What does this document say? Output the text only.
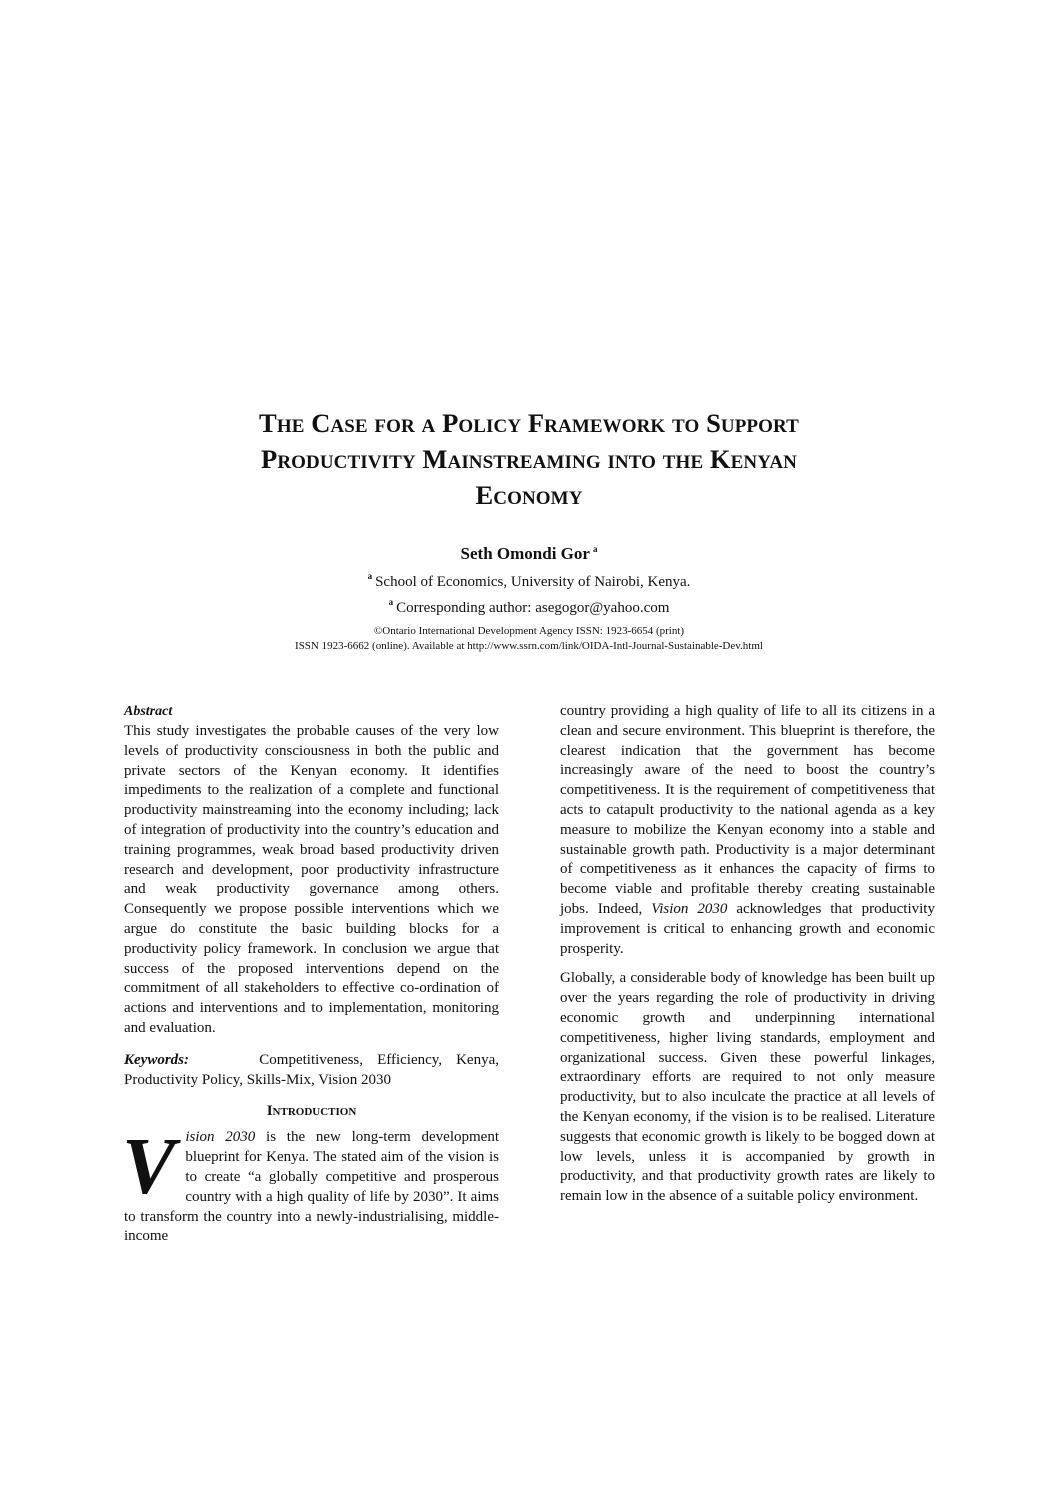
The Case for a Policy Framework to Support
Productivity Mainstreaming into the Kenyan
Economy
Seth Omondi Gor $^a$
$^a$ School of Economics, University of Nairobi, Kenya.
$^a$ Corresponding author: asegogor@yahoo.com
©Ontario International Development Agency ISSN: 1923-6654 (print)
ISSN 1923-6662 (online). Available at http://www.ssrn.com/link/OIDA-Intl-Journal-Sustainable-Dev.html
Abstract

This study investigates the probable causes of the very low levels of productivity consciousness in both the public and private sectors of the Kenyan economy. It identifies impediments to the realization of a complete and functional productivity mainstreaming into the economy including; lack of integration of productivity into the country’s education and training programmes, weak broad based productivity driven research and development, poor productivity infrastructure and weak productivity governance among others. Consequently we propose possible interventions which we argue do constitute the basic building blocks for a productivity policy framework. In conclusion we argue that success of the proposed interventions depend on the commitment of all stakeholders to effective co-ordination of actions and interventions and to implementation, monitoring and evaluation.

Keywords:	Competitiveness, Efficiency, Kenya, Productivity Policy, Skills-Mix, Vision 2030

Introduction
V ision 2030 is the new long-term development blueprint for Kenya. The stated aim of the vision is to create “a globally competitive and prosperous country with a high quality of life by 2030”. It aims to transform the country into a newly-industrialising, middle-income

country providing a high quality of life to all its citizens in a clean and secure environment. This blueprint is therefore, the clearest indication that the government has become increasingly aware of the need to boost the country’s competitiveness. It is the requirement of competitiveness that acts to catapult productivity to the national agenda as a key measure to mobilize the Kenyan economy into a stable and sustainable growth path. Productivity is a major determinant of competitiveness as it enhances the capacity of firms to become viable and profitable thereby creating sustainable jobs. Indeed, Vision 2030 acknowledges that productivity improvement is critical to enhancing growth and economic prosperity.

Globally, a considerable body of knowledge has been built up over the years regarding the role of productivity in driving economic growth and underpinning international competitiveness, higher living standards, employment and organizational success. Given these powerful linkages, extraordinary efforts are required to not only measure productivity, but to also inculcate the practice at all levels of the Kenyan economy, if the vision is to be realised. Literature suggests that economic growth is likely to be bogged down at low levels, unless it is accompanied by growth in productivity, and that productivity growth rates are likely to remain low in the absence of a suitable policy environment.
